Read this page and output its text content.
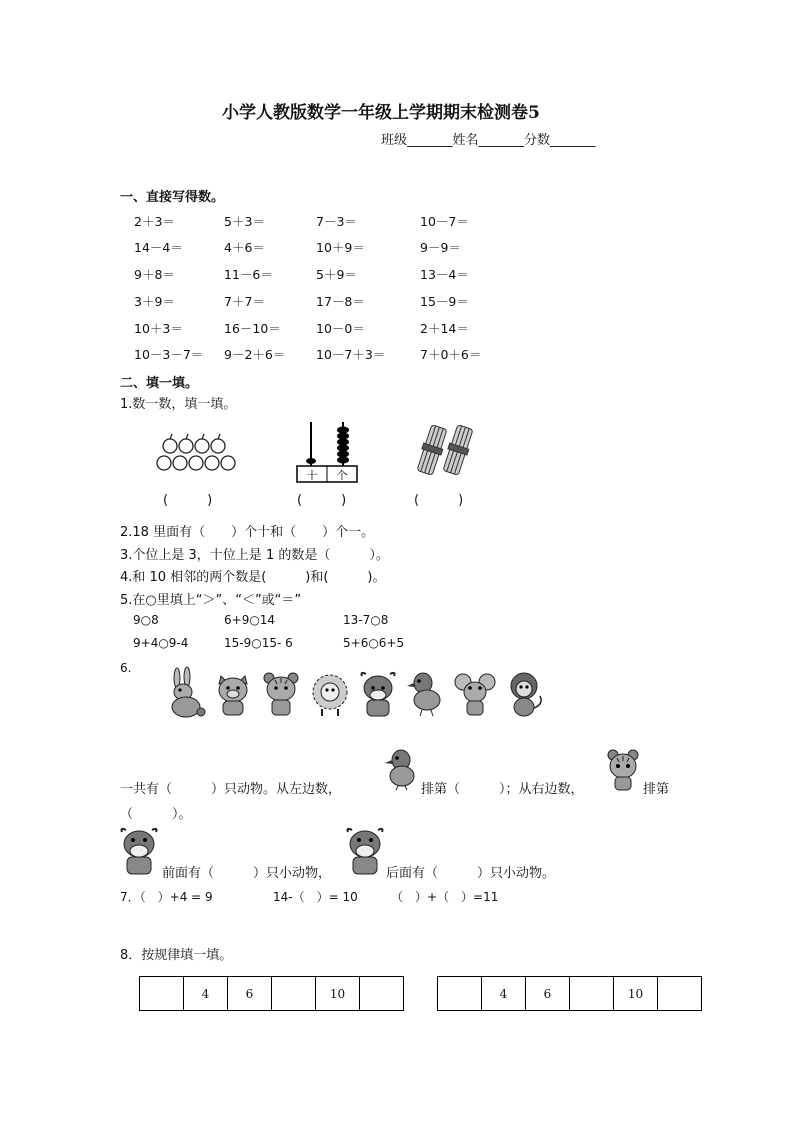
小学人教版数学一年级上学期期末检测卷5
班级_______姓名_______分数_______
一、直接写得数。
2＋3＝	5＋3＝	7－3＝	10－7＝
14－4＝	4＋6＝	10＋9＝	9－9＝
9＋8＝	11－6＝	5＋9＝	13－4＝
3＋9＝	7＋7＝	17－8＝	15－9＝
10＋3＝	16－10＝	10－0＝	2＋14＝
10－3－7＝ 9－2＋6＝ 10－7＋3＝	7＋0＋6＝
二、填一填。
1.数一数，填一填。
十 个
(　　　)	(　　　)	(　　　)
2.18 里面有（　　）个十和（　　）个一。
3.个位上是 3，十位上是 1 的数是（　　　）。
4.和 10 相邻的两个数是(　　　)和(　　　)。
5.在○里填上“＞”、“＜”或“＝”
9○8	6+9○14	13-7○8
9+4○9-4	15-9○15- 6	5+6○6+5
6.
一共有（　　　）只动物。从左边数，	排第（　　　）；从右边数，	排第
（　　　）。
前面有（　　　）只小动物，	后面有（　　　）只小动物。
7．（　）+4 = 9	14-（　）= 10	（　）+（　）=11
8．按规律填一填。
	4	6		10	
		4	6		10	
